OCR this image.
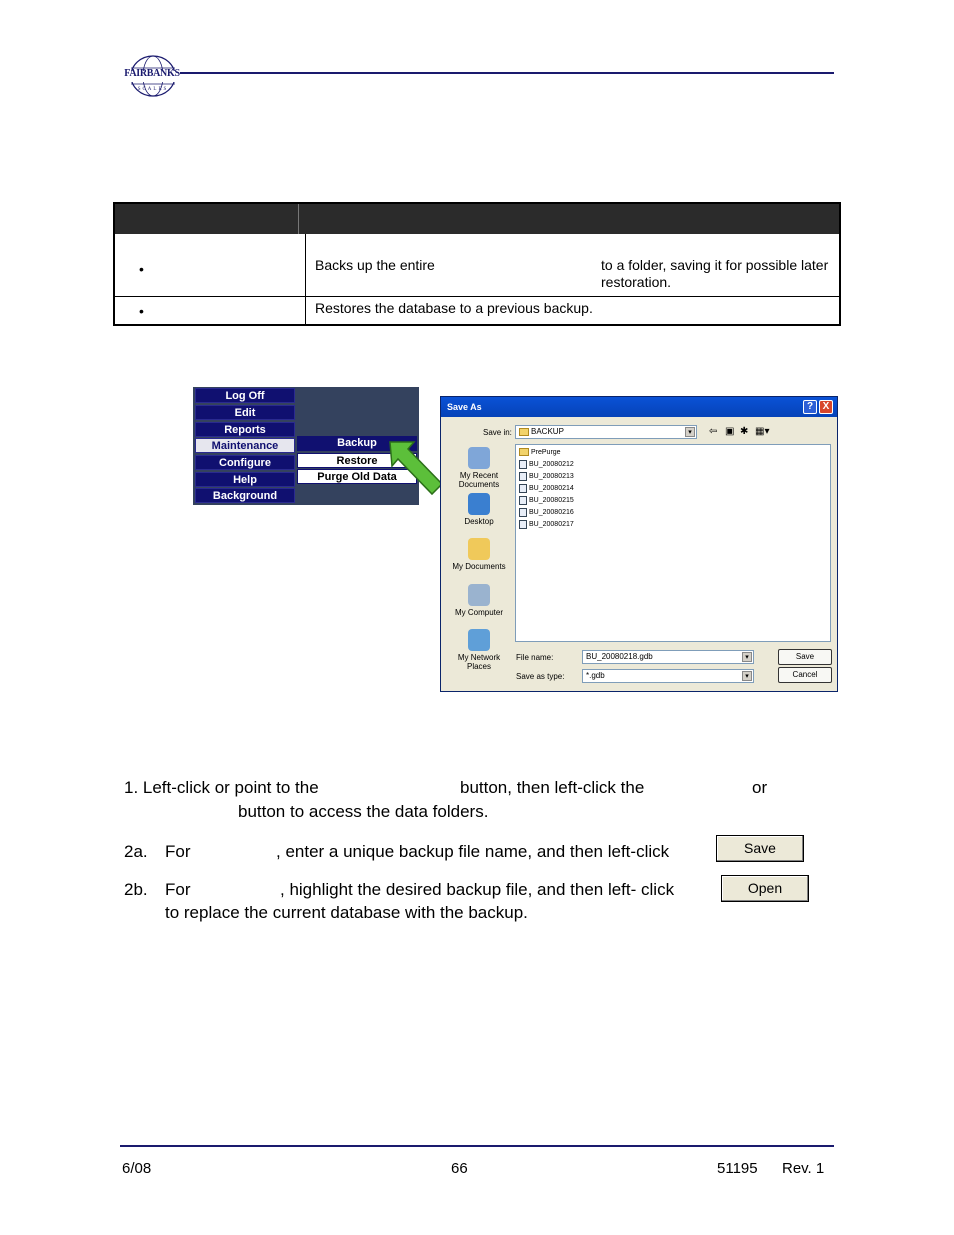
FAIRBANKS
SCALES
•	Backs up the entire	to a folder, saving it for possible later restoration.
•	Restores the database to a previous backup.
Log Off
Edit
Reports
Maintenance
Configure
Help
Background
Backup
Restore
Purge Old Data
Save As	? X
Save in:	BACKUP	▾	⇦ ▣ ✱ ▦▾
My Recent Documents
Desktop
My Documents
My Computer
My Network Places
PrePurge
BU_20080212
BU_20080213
BU_20080214
BU_20080215
BU_20080216
BU_20080217
File name:	BU_20080218.gdb	▾
Save as type:	*.gdb	▾
Save
Cancel
1. Left-click or point to the	button, then left-click the	or
button to access the data folders.
2a. For	, enter a unique backup file name, and then left-click	Save
2b. For	, highlight the desired backup file, and then left- click	Open
to replace the current database with the backup.
6/08	66	51195 Rev. 1
